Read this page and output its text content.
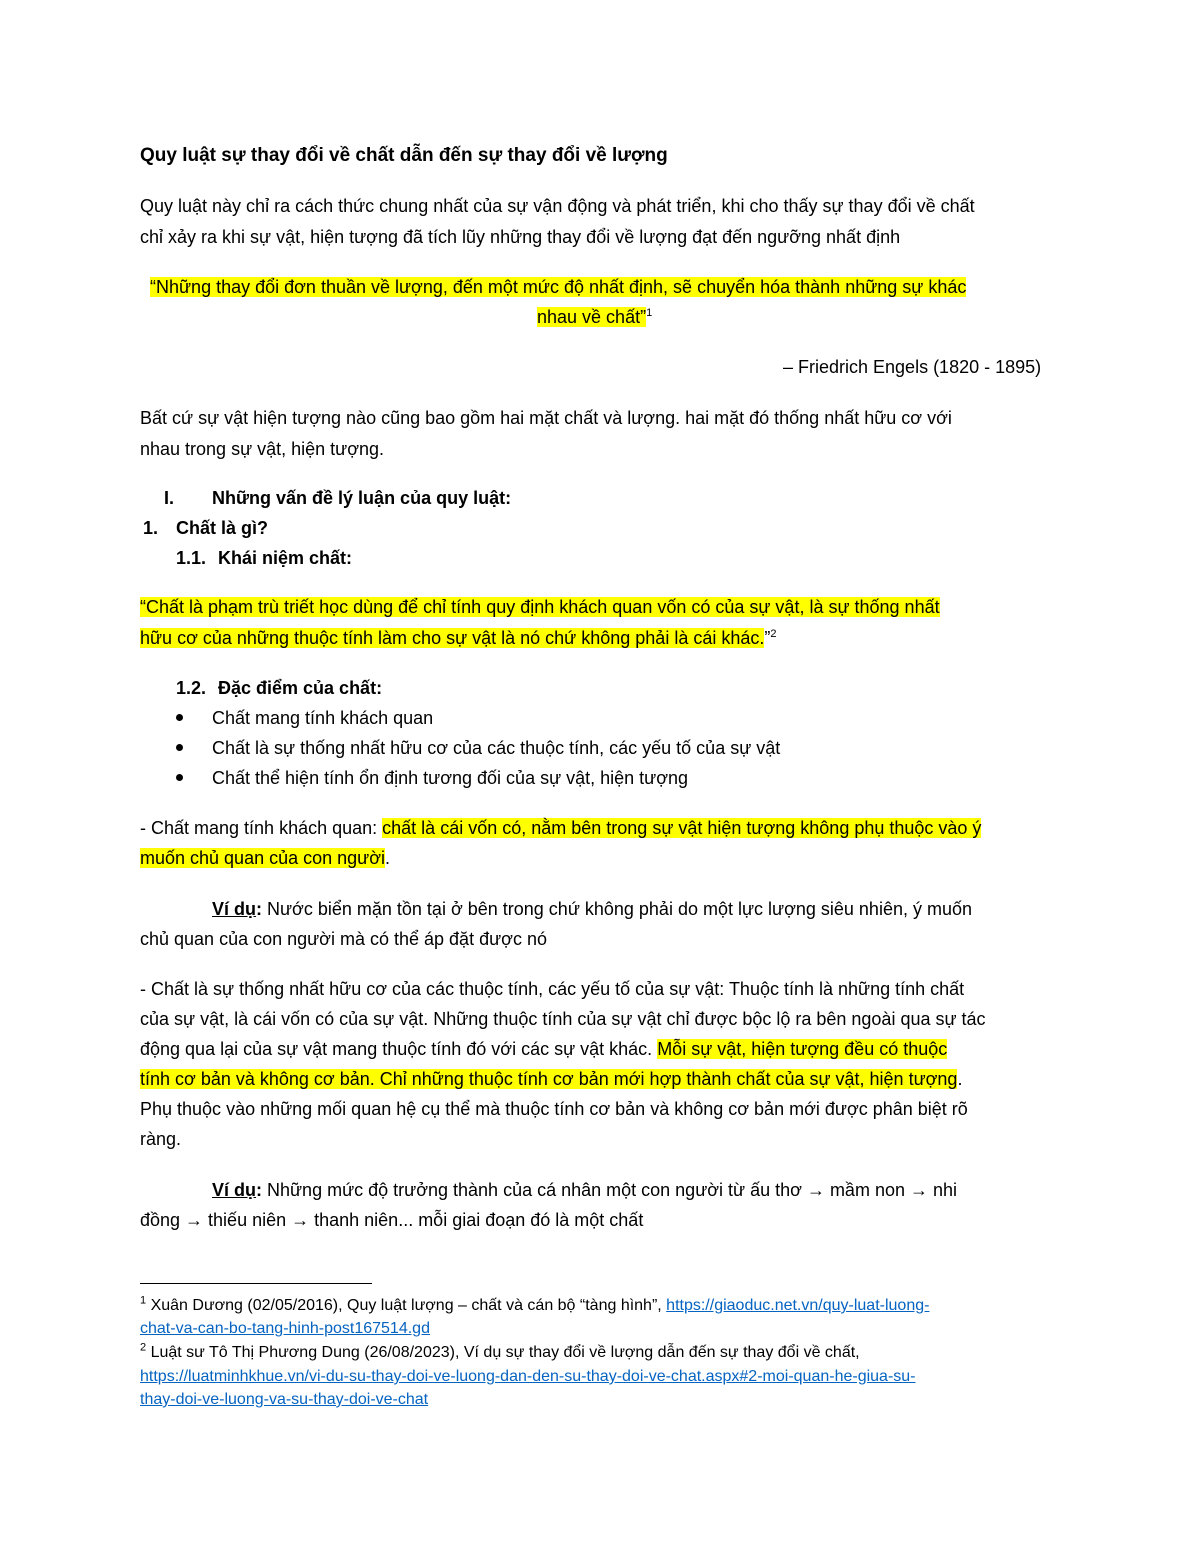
Quy luật sự thay đổi về chất dẫn đến sự thay đổi về lượng
Quy luật này chỉ ra cách thức chung nhất của sự vận động và phát triển, khi cho thấy sự thay đổi về chất
chỉ xảy ra khi sự vật, hiện tượng đã tích lũy những thay đổi về lượng đạt đến ngưỡng nhất định
“Những thay đổi đơn thuần về lượng, đến một mức độ nhất định, sẽ chuyển hóa thành những sự khác
nhau về chất”$^1$
– Friedrich Engels (1820 - 1895)
Bất cứ sự vật hiện tượng nào cũng bao gồm hai mặt chất và lượng. hai mặt đó thống nhất hữu cơ với
nhau trong sự vật, hiện tượng.
I. Những vấn đề lý luận của quy luật:
1. Chất là gì?
1.1. Khái niệm chất:
“Chất là phạm trù triết học dùng để chỉ tính quy định khách quan vốn có của sự vật, là sự thống nhất
hữu cơ của những thuộc tính làm cho sự vật là nó chứ không phải là cái khác.”$^2$
1.2. Đặc điểm của chất:
Chất mang tính khách quan
Chất là sự thống nhất hữu cơ của các thuộc tính, các yếu tố của sự vật
Chất thể hiện tính ổn định tương đối của sự vật, hiện tượng
- Chất mang tính khách quan: chất là cái vốn có, nằm bên trong sự vật hiện tượng không phụ thuộc vào ý
muốn chủ quan của con người.
Ví dụ: Nước biển mặn tồn tại ở bên trong chứ không phải do một lực lượng siêu nhiên, ý muốn
chủ quan của con người mà có thể áp đặt được nó
- Chất là sự thống nhất hữu cơ của các thuộc tính, các yếu tố của sự vật: Thuộc tính là những tính chất
của sự vật, là cái vốn có của sự vật. Những thuộc tính của sự vật chỉ được bộc lộ ra bên ngoài qua sự tác
động qua lại của sự vật mang thuộc tính đó với các sự vật khác. Mỗi sự vật, hiện tượng đều có thuộc
tính cơ bản và không cơ bản. Chỉ những thuộc tính cơ bản mới hợp thành chất của sự vật, hiện tượng.
Phụ thuộc vào những mối quan hệ cụ thể mà thuộc tính cơ bản và không cơ bản mới được phân biệt rõ
ràng.
Ví dụ: Những mức độ trưởng thành của cá nhân một con người từ ấu thơ → mầm non → nhi
đồng → thiếu niên → thanh niên... mỗi giai đoạn đó là một chất
$^1$ Xuân Dương (02/05/2016), Quy luật lượng – chất và cán bộ “tàng hình”, https://giaoduc.net.vn/quy-luat-luong-
chat-va-can-bo-tang-hinh-post167514.gd
$^2$ Luật sư Tô Thị Phương Dung (26/08/2023), Ví dụ sự thay đổi về lượng dẫn đến sự thay đổi về chất,
https://luatminhkhue.vn/vi-du-su-thay-doi-ve-luong-dan-den-su-thay-doi-ve-chat.aspx#2-moi-quan-he-giua-su-
thay-doi-ve-luong-va-su-thay-doi-ve-chat
